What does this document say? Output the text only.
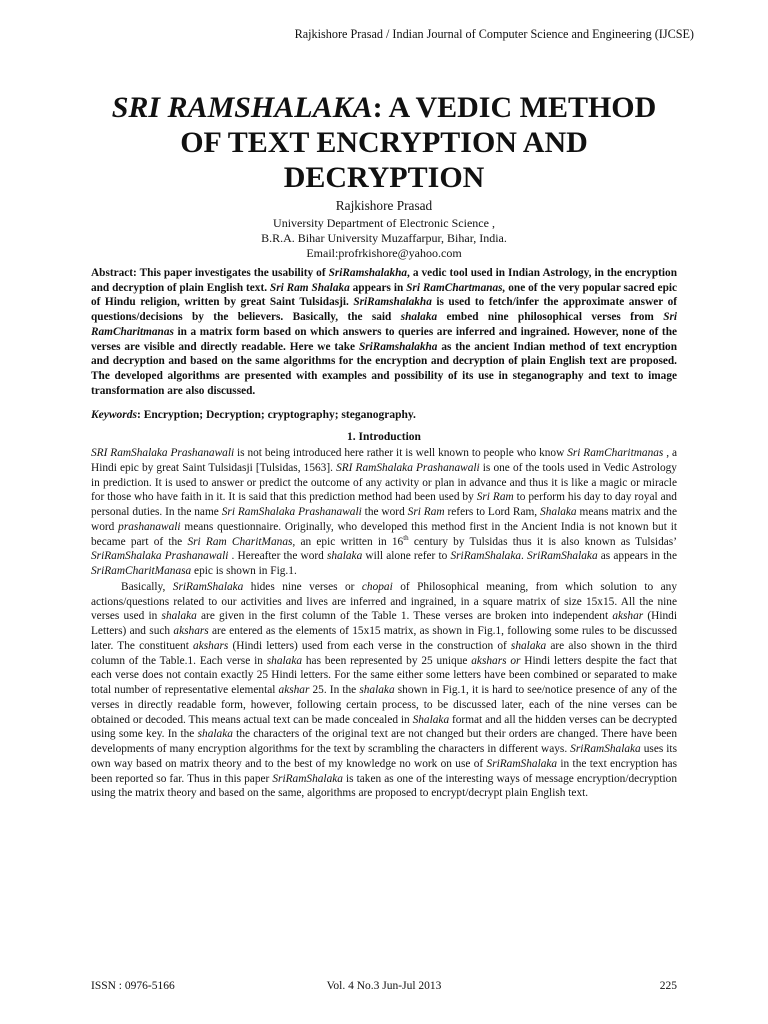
Rajkishore Prasad / Indian Journal of Computer Science and Engineering (IJCSE)
SRI RAMSHALAKA: A VEDIC METHOD
OF TEXT ENCRYPTION AND
DECRYPTION
Rajkishore Prasad
University Department of Electronic Science ,
B.R.A. Bihar University Muzaffarpur, Bihar, India.
Email:profrkishore@yahoo.com

Abstract: This paper investigates the usability of SriRamshalakha, a vedic tool used in Indian Astrology, in the encryption and decryption of plain English text. Sri Ram Shalaka appears in Sri RamChartmanas, one of the very popular sacred epic of Hindu religion, written by great Saint Tulsidasji. SriRamshalakha is used to fetch/infer the approximate answer of questions/decisions by the believers. Basically, the said shalaka embed nine philosophical verses from Sri RamCharitmanas in a matrix form based on which answers to queries are inferred and ingrained. However, none of the verses are visible and directly readable. Here we take SriRamshalakha as the ancient Indian method of text encryption and decryption and based on the same algorithms for the encryption and decryption of plain English text are proposed. The developed algorithms are presented with examples and possibility of its use in steganography and text to image transformation are also discussed.

Keywords: Encryption; Decryption; cryptography; steganography.
1. Introduction

SRI RamShalaka Prashanawali is not being introduced here rather it is well known to people who know Sri RamCharitmanas , a Hindi epic by great Saint Tulsidasji [Tulsidas, 1563]. SRI RamShalaka Prashanawali is one of the tools used in Vedic Astrology in prediction. It is used to answer or predict the outcome of any activity or plan in advance and thus it is like a magic or miracle for those who have faith in it. It is said that this prediction method had been used by Sri Ram to perform his day to day royal and personal duties. In the name Sri RamShalaka Prashanawali the word Sri Ram refers to Lord Ram, Shalaka means matrix and the word prashanawali means questionnaire. Originally, who developed this method first in the Ancient India is not known but it became part of the Sri Ram CharitManas, an epic written in 16th century by Tulsidas thus it is also known as Tulsidas’ SriRamShalaka Prashanawali . Hereafter the word shalaka will alone refer to SriRamShalaka. SriRamShalaka as appears in the SriRamCharitManasa epic is shown in Fig.1.

Basically, SriRamShalaka hides nine verses or chopai of Philosophical meaning, from which solution to any actions/questions related to our activities and lives are inferred and ingrained, in a square matrix of size 15x15. All the nine verses used in shalaka are given in the first column of the Table 1. These verses are broken into independent akshar (Hindi Letters) and such akshars are entered as the elements of 15x15 matrix, as shown in Fig.1, following some rules to be discussed later. The constituent akshars (Hindi letters) used from each verse in the construction of shalaka are also shown in the third column of the Table.1. Each verse in shalaka has been represented by 25 unique akshars or Hindi letters despite the fact that each verse does not contain exactly 25 Hindi letters. For the same either some letters have been combined or separated to make total number of representative elemental akshar 25. In the shalaka shown in Fig.1, it is hard to see/notice presence of any of the verses in directly readable form, however, following certain process, to be discussed later, each of the nine verses can be obtained or decoded. This means actual text can be made concealed in Shalaka format and all the hidden verses can be decrypted using some key. In the shalaka the characters of the original text are not changed but their orders are changed. There have been developments of many encryption algorithms for the text by scrambling the characters in different ways. SriRamShalaka uses its own way based on matrix theory and to the best of my knowledge no work on use of SriRamShalaka in the text encryption has been reported so far. Thus in this paper SriRamShalaka is taken as one of the interesting ways of message encryption/decryption using the matrix theory and based on the same, algorithms are proposed to encrypt/decrypt plain English text.

ISSN : 0976-5166	Vol. 4 No.3 Jun-Jul 2013	225
